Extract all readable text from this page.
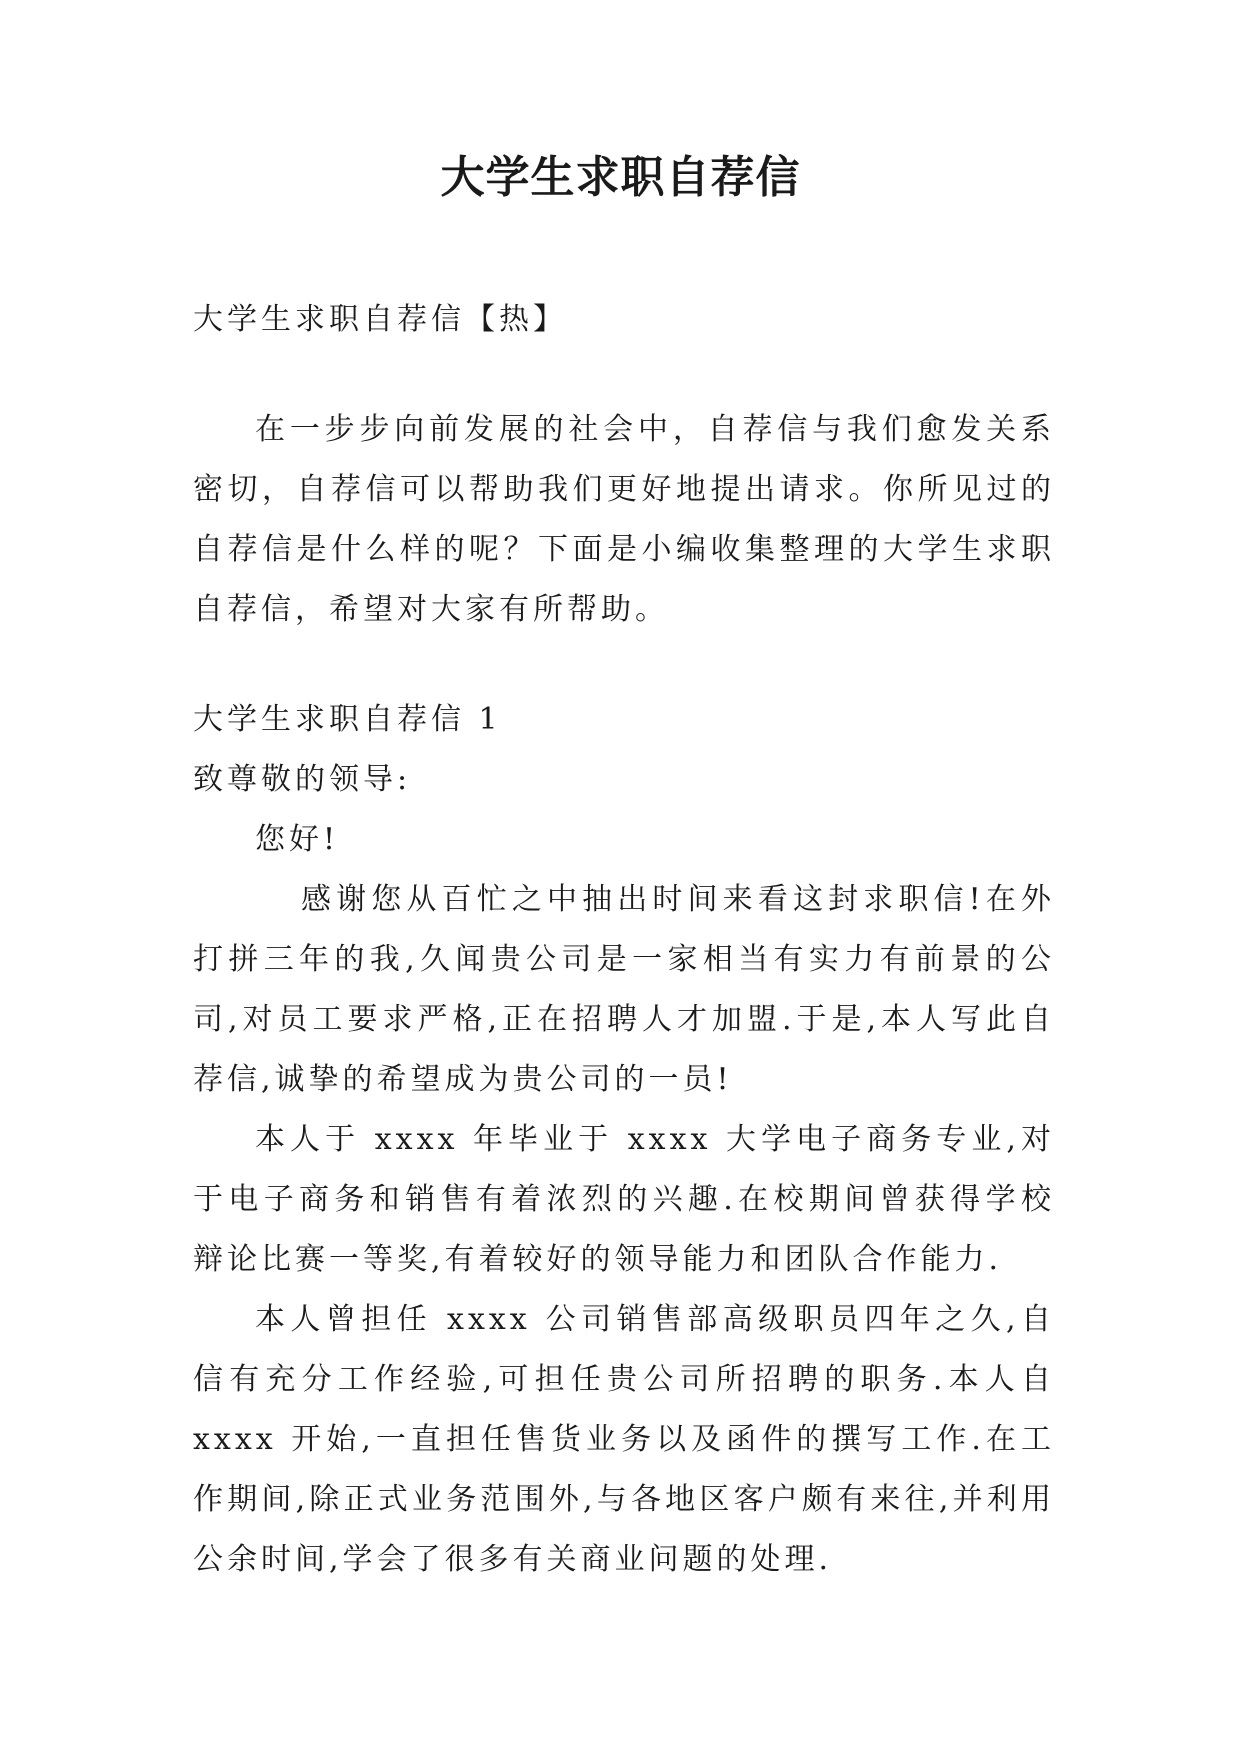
大学生求职自荐信

大学生求职自荐信【热】

在一步步向前发展的社会中，自荐信与我们愈发关系密切，自荐信可以帮助我们更好地提出请求。你所见过的自荐信是什么样的呢？下面是小编收集整理的大学生求职自荐信，希望对大家有所帮助。

大学生求职自荐信 1

致尊敬的领导:

您好!

感谢您从百忙之中抽出时间来看这封求职信!在外打拼三年的我,久闻贵公司是一家相当有实力有前景的公司,对员工要求严格,正在招聘人才加盟.于是,本人写此自荐信,诚挚的希望成为贵公司的一员!

本人于 xxxx 年毕业于 xxxx 大学电子商务专业,对于电子商务和销售有着浓烈的兴趣.在校期间曾获得学校辩论比赛一等奖,有着较好的领导能力和团队合作能力.

本人曾担任 xxxx 公司销售部高级职员四年之久,自信有充分工作经验,可担任贵公司所招聘的职务.本人自 xxxx 开始,一直担任售货业务以及函件的撰写工作.在工作期间,除正式业务范围外,与各地区客户颇有来往,并利用公余时间,学会了很多有关商业问题的处理.
